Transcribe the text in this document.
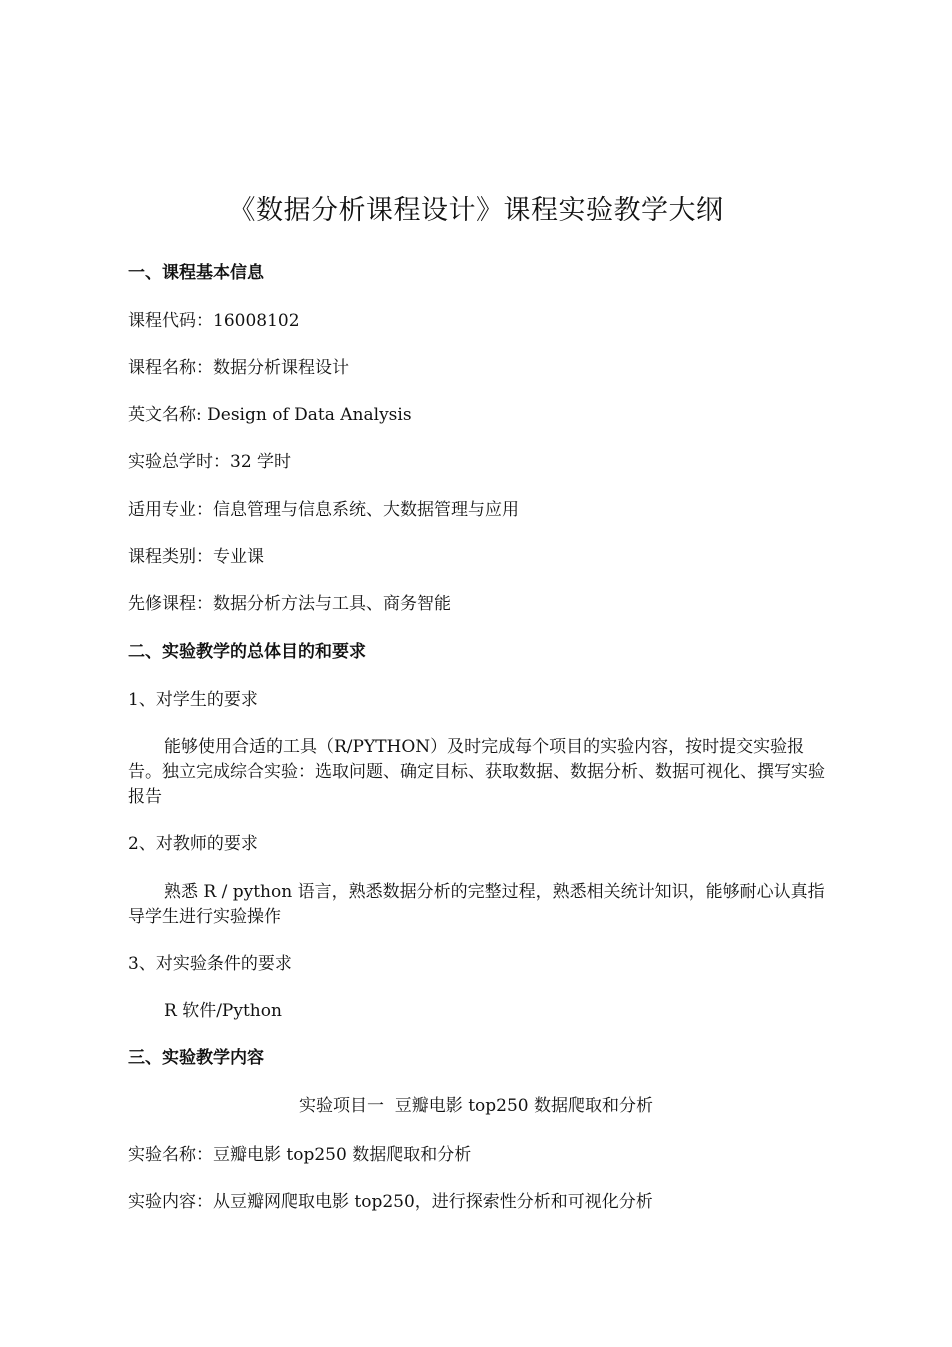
《数据分析课程设计》课程实验教学大纲
一、课程基本信息
课程代码：16008102
课程名称：数据分析课程设计
英文名称: Design of Data Analysis
实验总学时：32 学时
适用专业：信息管理与信息系统、大数据管理与应用
课程类别：专业课
先修课程：数据分析方法与工具、商务智能
二、实验教学的总体目的和要求
1、对学生的要求
能够使用合适的工具（R/PYTHON）及时完成每个项目的实验内容，按时提交实验报告。独立完成综合实验：选取问题、确定目标、获取数据、数据分析、数据可视化、撰写实验报告
2、对教师的要求
熟悉 R / python 语言，熟悉数据分析的完整过程，熟悉相关统计知识，能够耐心认真指导学生进行实验操作
3、对实验条件的要求
R 软件/Python
三、实验教学内容
实验项目一  豆瓣电影 top250 数据爬取和分析
实验名称：豆瓣电影 top250 数据爬取和分析
实验内容：从豆瓣网爬取电影 top250，进行探索性分析和可视化分析
